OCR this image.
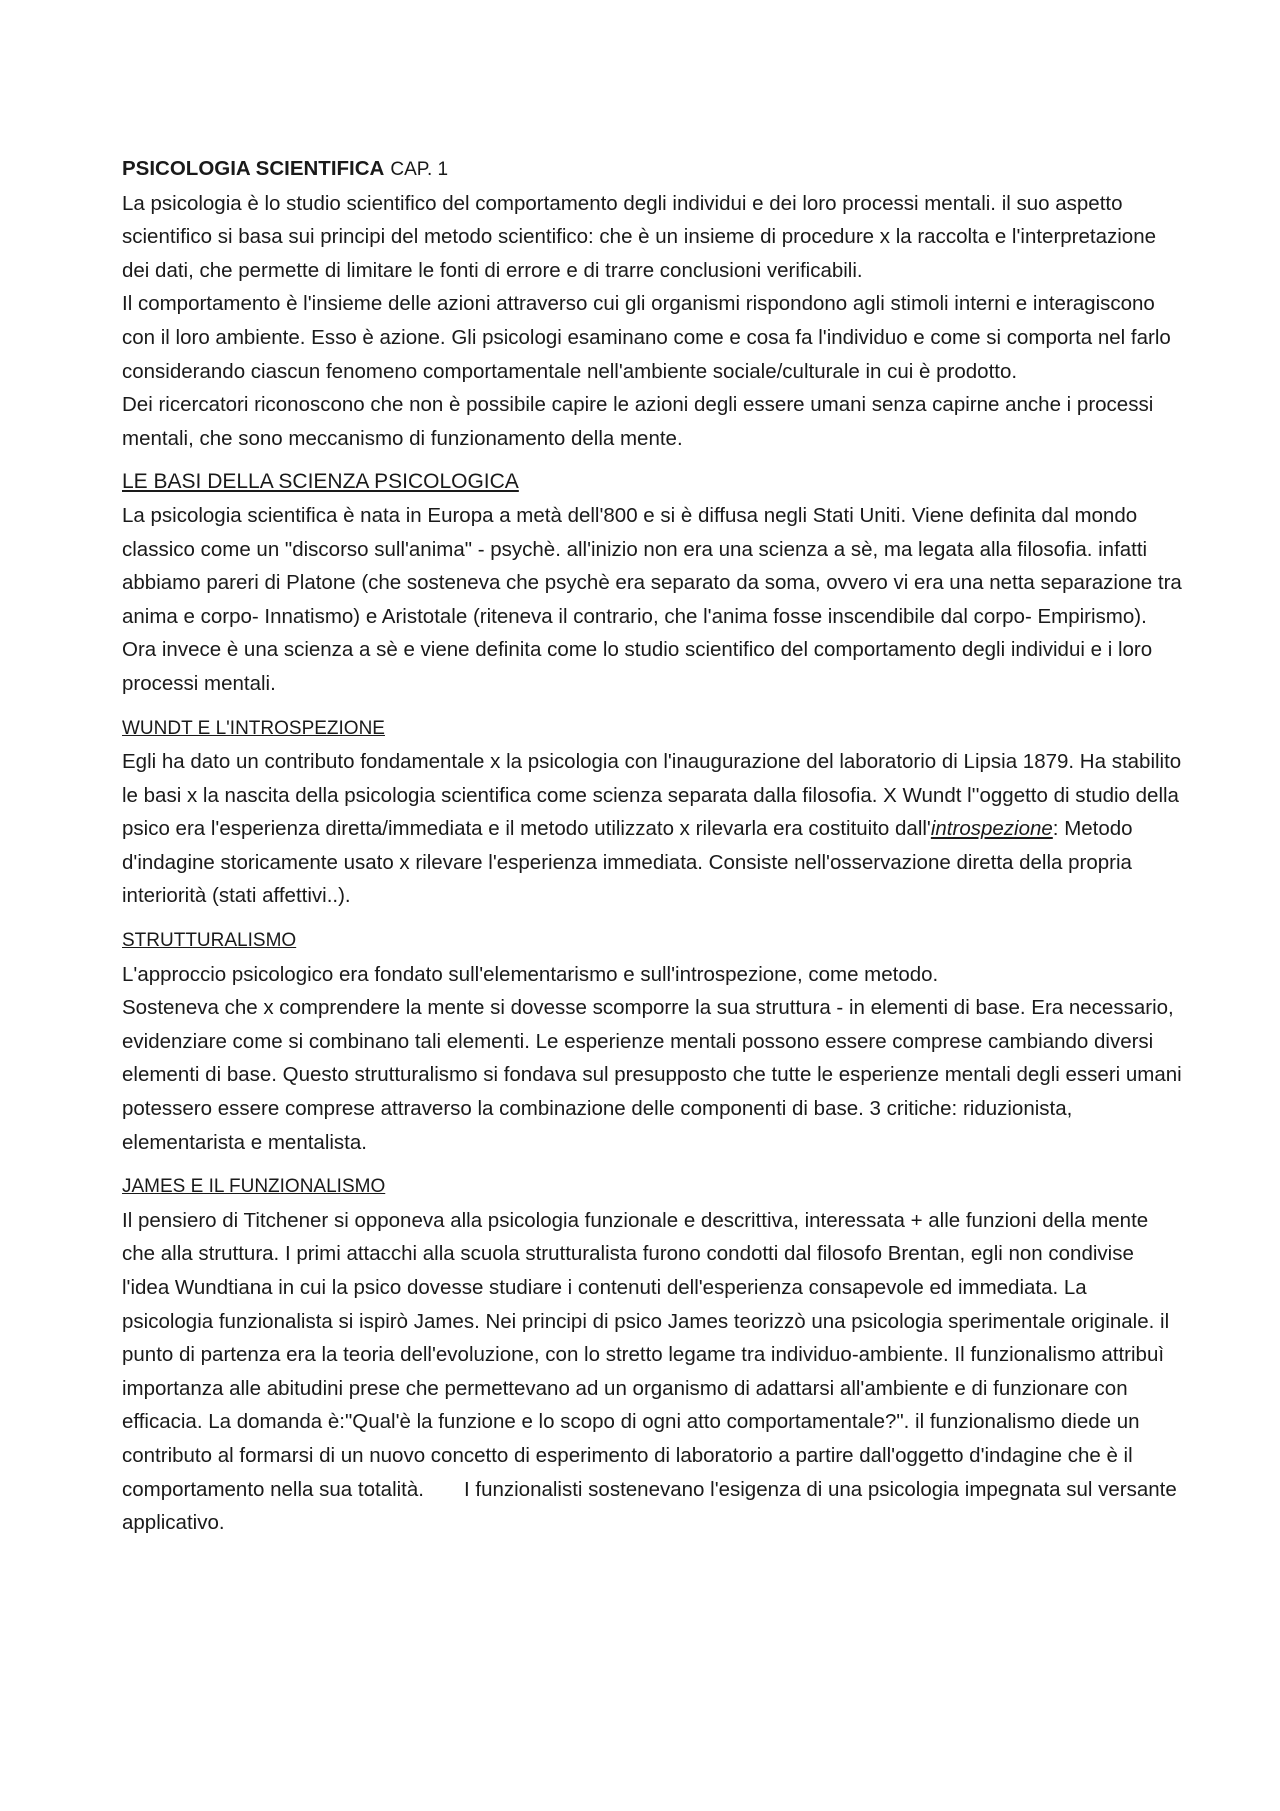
PSICOLOGIA SCIENTIFICA CAP. 1

La psicologia è lo studio scientifico del comportamento degli individui e dei loro processi mentali. il suo aspetto scientifico si basa sui principi del metodo scientifico: che è un insieme di procedure x la raccolta e l'interpretazione dei dati, che permette di limitare le fonti di errore e di trarre conclusioni verificabili.

Il comportamento è l'insieme delle azioni attraverso cui gli organismi rispondono agli stimoli interni e interagiscono con il loro ambiente. Esso è azione. Gli psicologi esaminano come e cosa fa l'individuo e come si comporta nel farlo considerando ciascun fenomeno comportamentale nell'ambiente sociale/culturale in cui è prodotto.

Dei ricercatori riconoscono che non è possibile capire le azioni degli essere umani senza capirne anche i processi mentali, che sono meccanismo di funzionamento della mente.

LE BASI DELLA SCIENZA PSICOLOGICA

La psicologia scientifica è nata in Europa a metà dell'800 e si è diffusa negli Stati Uniti. Viene definita dal mondo classico come un "discorso sull'anima" - psychè. all'inizio non era una scienza a sè, ma legata alla filosofia. infatti abbiamo pareri di Platone (che sosteneva che psychè era separato da soma, ovvero vi era una netta separazione tra anima e corpo- Innatismo) e Aristotale (riteneva il contrario, che l'anima fosse inscendibile dal corpo- Empirismo). Ora invece è una scienza a sè e viene definita come lo studio scientifico del comportamento degli individui e i loro processi mentali.

WUNDT E L'INTROSPEZIONE

Egli ha dato un contributo fondamentale x la psicologia con l'inaugurazione del laboratorio di Lipsia 1879. Ha stabilito le basi x la nascita della psicologia scientifica come scienza separata dalla filosofia. X Wundt l''oggetto di studio della psico era l'esperienza diretta/immediata e il metodo utilizzato x rilevarla era costituito dall'introspezione: Metodo d'indagine storicamente usato x rilevare l'esperienza immediata. Consiste nell'osservazione diretta della propria interiorità (stati affettivi..).

STRUTTURALISMO

L'approccio psicologico era fondato sull'elementarismo e sull'introspezione, come metodo.

Sosteneva che x comprendere la mente si dovesse scomporre la sua struttura - in elementi di base. Era necessario, evidenziare come si combinano tali elementi. Le esperienze mentali possono essere comprese cambiando diversi elementi di base. Questo strutturalismo si fondava sul presupposto che tutte le esperienze mentali degli esseri umani potessero essere comprese attraverso la combinazione delle componenti di base. 3 critiche: riduzionista, elementarista e mentalista.

JAMES E IL FUNZIONALISMO

Il pensiero di Titchener si opponeva alla psicologia funzionale e descrittiva, interessata + alle funzioni della mente che alla struttura. I primi attacchi alla scuola strutturalista furono condotti dal filosofo Brentan, egli non condivise l'idea Wundtiana in cui la psico dovesse studiare i contenuti dell'esperienza consapevole ed immediata. La psicologia funzionalista si ispirò James. Nei principi di psico James teorizzò una psicologia sperimentale originale. il punto di partenza era la teoria dell'evoluzione, con lo stretto legame tra individuo-ambiente. Il funzionalismo attribuì importanza alle abitudini prese che permettevano ad un organismo di adattarsi all'ambiente e di funzionare con efficacia. La domanda è:"Qual'è la funzione e lo scopo di ogni atto comportamentale?". il funzionalismo diede un contributo al formarsi di un nuovo concetto di esperimento di laboratorio a partire dall'oggetto d'indagine che è il comportamento nella sua totalità. I funzionalisti sostenevano l'esigenza di una psicologia impegnata sul versante applicativo.
